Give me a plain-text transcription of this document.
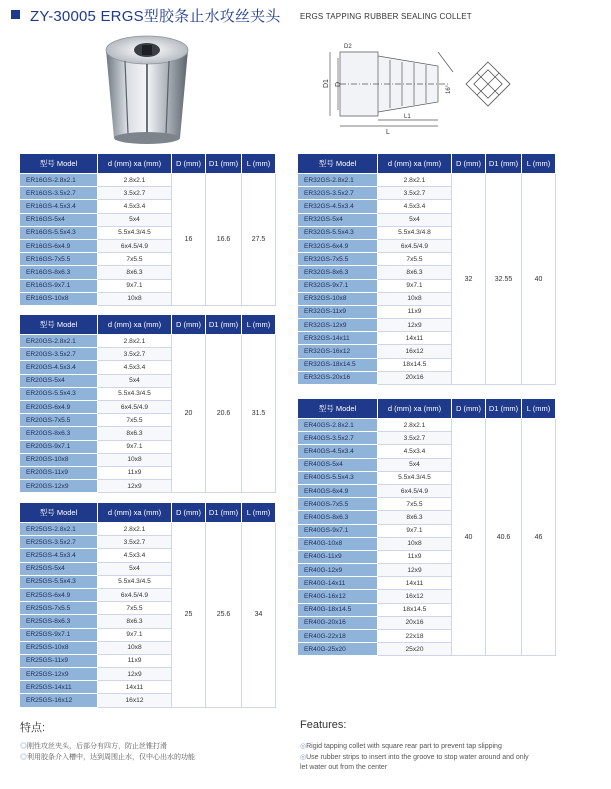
ZY-30005 ERGS型胶条止水攻丝夹头 ERGS TAPPING RUBBER SEALING COLLET
D1 D
L
L1
D2
16°
型号 Model	d (mm) xa (mm)	D (mm)	D1 (mm)	L (mm)
ER16GS-2.8x2.1	2.8x2.1	16	16.6	27.5
ER16GS-3.5x2.7	3.5x2.7			
ER16GS-4.5x3.4	4.5x3.4			
ER16GS-5x4	5x4			
ER16GS-5.5x4.3	5.5x4.3/4.5			
ER16GS-6x4.9	6x4.5/4.9			
ER16GS-7x5.5	7x5.5			
ER16GS-8x6.3	8x6.3			
ER16GS-9x7.1	9x7.1			
ER16GS-10x8	10x8			
型号 Model	d (mm) xa (mm)	D (mm)	D1 (mm)	L (mm)
ER20GS-2.8x2.1	2.8x2.1	20	20.6	31.5
ER20GS-3.5x2.7	3.5x2.7			
ER20GS-4.5x3.4	4.5x3.4			
ER20GS-5x4	5x4			
ER20GS-5.5x4.3	5.5x4.3/4.5			
ER20GS-6x4.9	6x4.5/4.9			
ER20GS-7x5.5	7x5.5			
ER20GS-8x6.3	8x6.3			
ER20GS-9x7.1	9x7.1			
ER20GS-10x8	10x8			
ER20GS-11x9	11x9			
ER20GS-12x9	12x9			
型号 Model	d (mm) xa (mm)	D (mm)	D1 (mm)	L (mm)
ER25GS-2.8x2.1	2.8x2.1	25	25.6	34
ER25GS-3.5x2.7	3.5x2.7			
ER25GS-4.5x3.4	4.5x3.4			
ER25GS-5x4	5x4			
ER25GS-5.5x4.3	5.5x4.3/4.5			
ER25GS-6x4.9	6x4.5/4.9			
ER25GS-7x5.5	7x5.5			
ER25GS-8x6.3	8x6.3			
ER25GS-9x7.1	9x7.1			
ER25GS-10x8	10x8			
ER25GS-11x9	11x9			
ER25GS-12x9	12x9			
ER25GS-14x11	14x11			
ER25GS-16x12	16x12			
型号 Model	d (mm) xa (mm)	D (mm)	D1 (mm)	L (mm)
ER32GS-2.8x2.1	2.8x2.1	32	32.55	40
ER32GS-3.5x2.7	3.5x2.7			
ER32GS-4.5x3.4	4.5x3.4			
ER32GS-5x4	5x4			
ER32GS-5.5x4.3	5.5x4.3/4.8			
ER32GS-6x4.9	6x4.5/4.9			
ER32GS-7x5.5	7x5.5			
ER32GS-8x6.3	8x6.3			
ER32GS-9x7.1	9x7.1			
ER32GS-10x8	10x8			
ER32GS-11x9	11x9			
ER32GS-12x9	12x9			
ER32GS-14x11	14x11			
ER32GS-16x12	16x12			
ER32GS-18x14.5	18x14.5			
ER32GS-20x16	20x16			
型号 Model	d (mm) xa (mm)	D (mm)	D1 (mm)	L (mm)
ER40GS-2.8x2.1	2.8x2.1	40	40.6	46
ER40GS-3.5x2.7	3.5x2.7			
ER40GS-4.5x3.4	4.5x3.4			
ER40GS-5x4	5x4			
ER40GS-5.5x4.3	5.5x4.3/4.5			
ER40GS-6x4.9	6x4.5/4.9			
ER40GS-7x5.5	7x5.5			
ER40GS-8x6.3	8x6.3			
ER40GS-9x7.1	9x7.1			
ER40G-10x8	10x8			
ER40G-11x9	11x9			
ER40G-12x9	12x9			
ER40G-14x11	14x11			
ER40G-16x12	16x12			
ER40G-18x14.5	18x14.5			
ER40G-20x16	20x16			
ER40G-22x18	22x18			
ER40G-25x20	25x20			
特点:
◎刚性攻丝夹头，后部分有四方，防止丝锥打滑
◎利用胶条介入槽中，达到周围止水，仅中心出水的功能
Features:
◎Rigid tapping collet with square rear part to prevent tap slipping
◎Use rubber strips to insert into the groove to stop water around and only
let water out from the center
